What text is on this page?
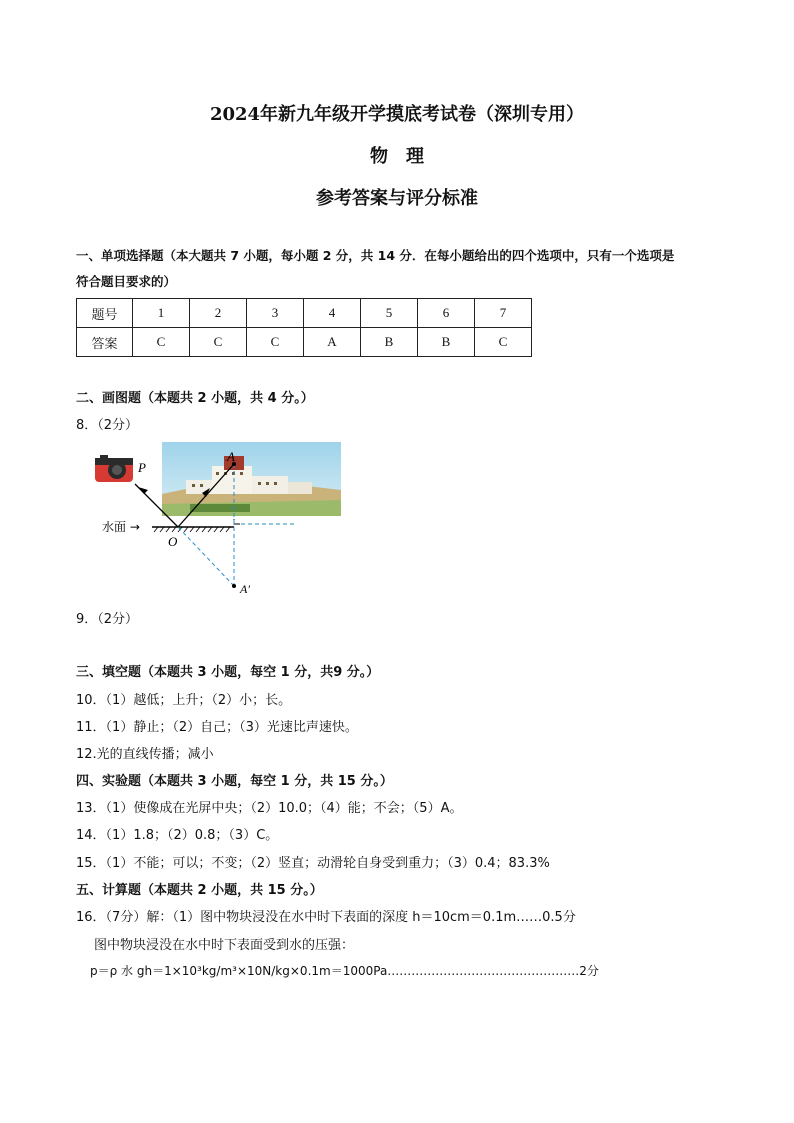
2024年新九年级开学摸底考试卷（深圳专用）
物　理
参考答案与评分标准
一、单项选择题（本大题共 7 小题，每小题 2 分，共 14 分．在每小题给出的四个选项中，只有一个选项是
符合题目要求的）
题号	1	2	3	4	5	6	7
答案	C	C	C	A	B	B	C
二、画图题（本题共 2 小题，共 4 分。）
8．（2分）
P
A
O
A′
水面 →
9．（2分）
三、填空题（本题共 3 小题，每空 1 分，共9 分。）
10．（1）越低；上升；（2）小；长。
11．（1）静止；（2）自己；（3）光速比声速快。
12.光的直线传播；减小
四、实验题（本题共 3 小题，每空 1 分，共 15 分。）
13．（1）使像成在光屏中央；（2）10.0；（4）能；不会；（5）A。
14．（1）1.8；（2）0.8；（3）C。
15．（1）不能；可以；不变；（2）竖直；动滑轮自身受到重力；（3）0.4；83.3%
五、计算题（本题共 2 小题，共 15 分。）
16．（7分）解：（1）图中物块浸没在水中时下表面的深度 h＝10cm＝0.1m……0.5分
图中物块浸没在水中时下表面受到水的压强：
p＝ρ 水 gh＝1×10³kg/m³×10N/kg×0.1m＝1000Pa…………………………………………2分
